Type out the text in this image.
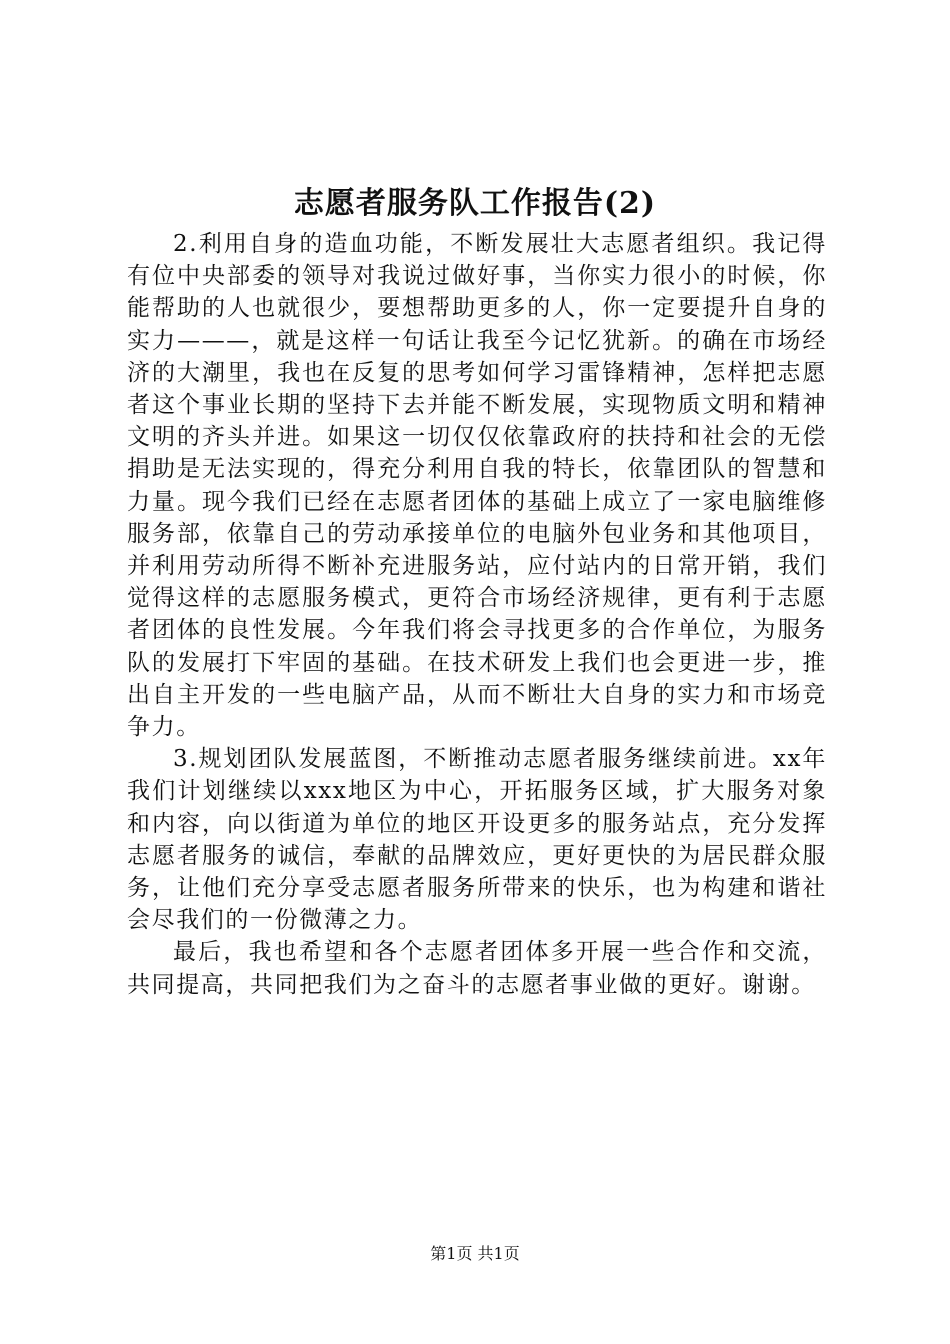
志愿者服务队工作报告(2)

2.利用自身的造血功能，不断发展壮大志愿者组织。我记得有位中央部委的领导对我说过做好事，当你实力很小的时候，你能帮助的人也就很少，要想帮助更多的人，你一定要提升自身的实力———，就是这样一句话让我至今记忆犹新。的确在市场经济的大潮里，我也在反复的思考如何学习雷锋精神，怎样把志愿者这个事业长期的坚持下去并能不断发展，实现物质文明和精神文明的齐头并进。如果这一切仅仅依靠政府的扶持和社会的无偿捐助是无法实现的，得充分利用自我的特长，依靠团队的智慧和力量。现今我们已经在志愿者团体的基础上成立了一家电脑维修服务部，依靠自己的劳动承接单位的电脑外包业务和其他项目，并利用劳动所得不断补充进服务站，应付站内的日常开销，我们觉得这样的志愿服务模式，更符合市场经济规律，更有利于志愿者团体的良性发展。今年我们将会寻找更多的合作单位，为服务队的发展打下牢固的基础。在技术研发上我们也会更进一步，推出自主开发的一些电脑产品，从而不断壮大自身的实力和市场竞争力。

3.规划团队发展蓝图，不断推动志愿者服务继续前进。xx年我们计划继续以xxx地区为中心，开拓服务区域，扩大服务对象和内容，向以街道为单位的地区开设更多的服务站点，充分发挥志愿者服务的诚信，奉献的品牌效应，更好更快的为居民群众服务，让他们充分享受志愿者服务所带来的快乐，也为构建和谐社会尽我们的一份微薄之力。

最后，我也希望和各个志愿者团体多开展一些合作和交流，共同提高，共同把我们为之奋斗的志愿者事业做的更好。谢谢。

第1页 共1页
